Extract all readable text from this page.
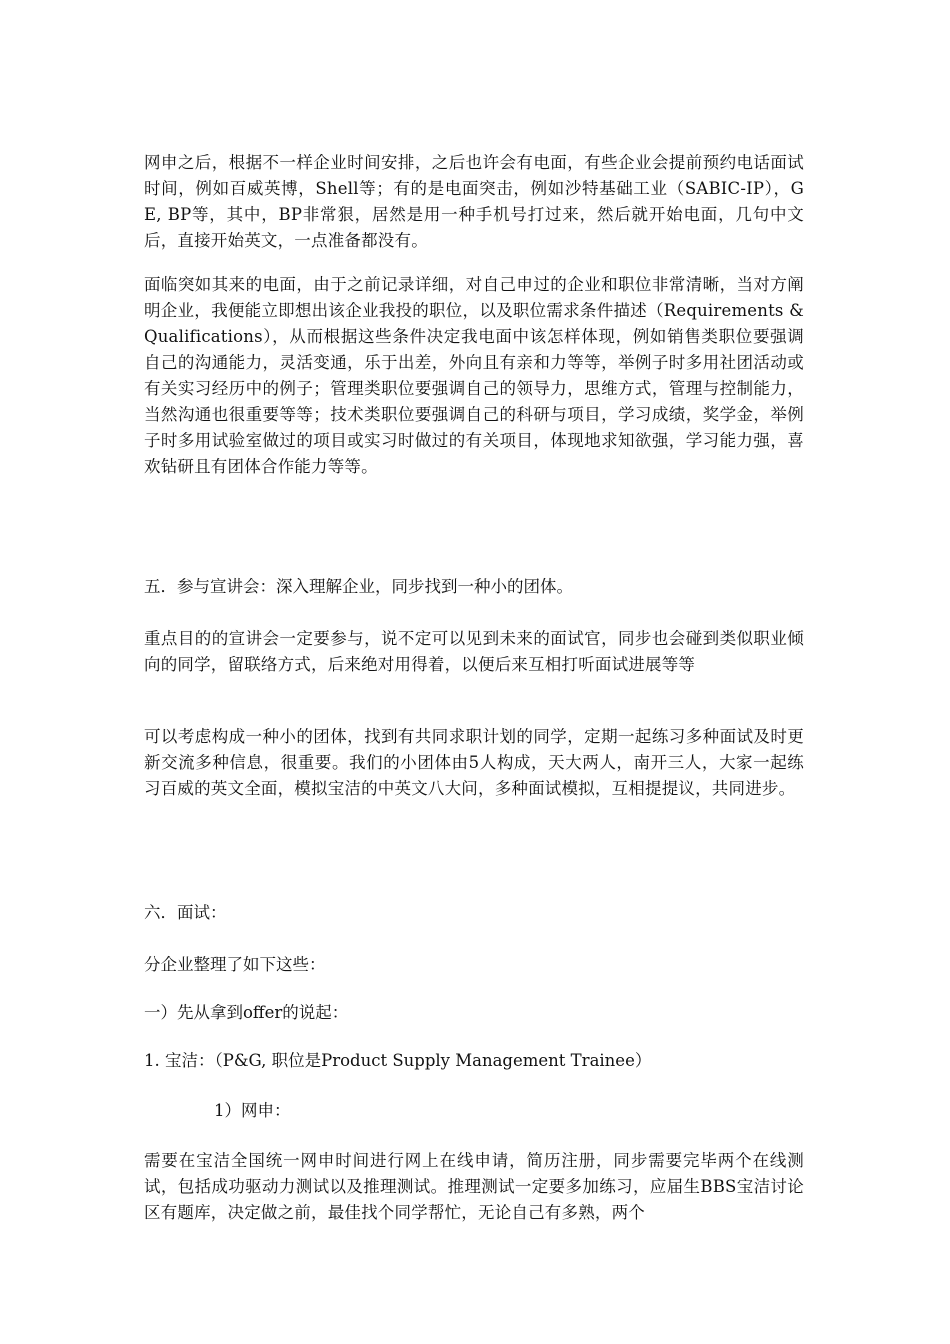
网申之后，根据不一样企业时间安排，之后也许会有电面，有些企业会提前预约电话面试时间，例如百威英博，Shell等；有的是电面突击，例如沙特基础工业（SABIC-IP），GE, BP等，其中，BP非常狠，居然是用一种手机号打过来，然后就开始电面，几句中文后，直接开始英文，一点准备都没有。

面临突如其来的电面，由于之前记录详细，对自己申过的企业和职位非常清晰，当对方阐明企业，我便能立即想出该企业我投的职位，以及职位需求条件描述（Requirements & Qualifications），从而根据这些条件决定我电面中该怎样体现，例如销售类职位要强调自己的沟通能力，灵活变通，乐于出差，外向且有亲和力等等，举例子时多用社团活动或有关实习经历中的例子；管理类职位要强调自己的领导力，思维方式，管理与控制能力，当然沟通也很重要等等；技术类职位要强调自己的科研与项目，学习成绩，奖学金，举例子时多用试验室做过的项目或实习时做过的有关项目，体现地求知欲强，学习能力强，喜欢钻研且有团体合作能力等等。

五．参与宣讲会：深入理解企业，同步找到一种小的团体。

重点目的的宣讲会一定要参与，说不定可以见到未来的面试官，同步也会碰到类似职业倾向的同学，留联络方式，后来绝对用得着，以便后来互相打听面试进展等等

可以考虑构成一种小的团体，找到有共同求职计划的同学，定期一起练习多种面试及时更新交流多种信息，很重要。我们的小团体由5人构成，天大两人，南开三人，大家一起练习百威的英文全面，模拟宝洁的中英文八大问，多种面试模拟，互相提提议，共同进步。

六．面试：

分企业整理了如下这些：

一）先从拿到offer的说起：

1. 宝洁：（P&G, 职位是Product Supply Management Trainee）

1）网申：

需要在宝洁全国统一网申时间进行网上在线申请，简历注册，同步需要完毕两个在线测试，包括成功驱动力测试以及推理测试。推理测试一定要多加练习，应届生BBS宝洁讨论区有题库，决定做之前，最佳找个同学帮忙，无论自己有多熟，两个
